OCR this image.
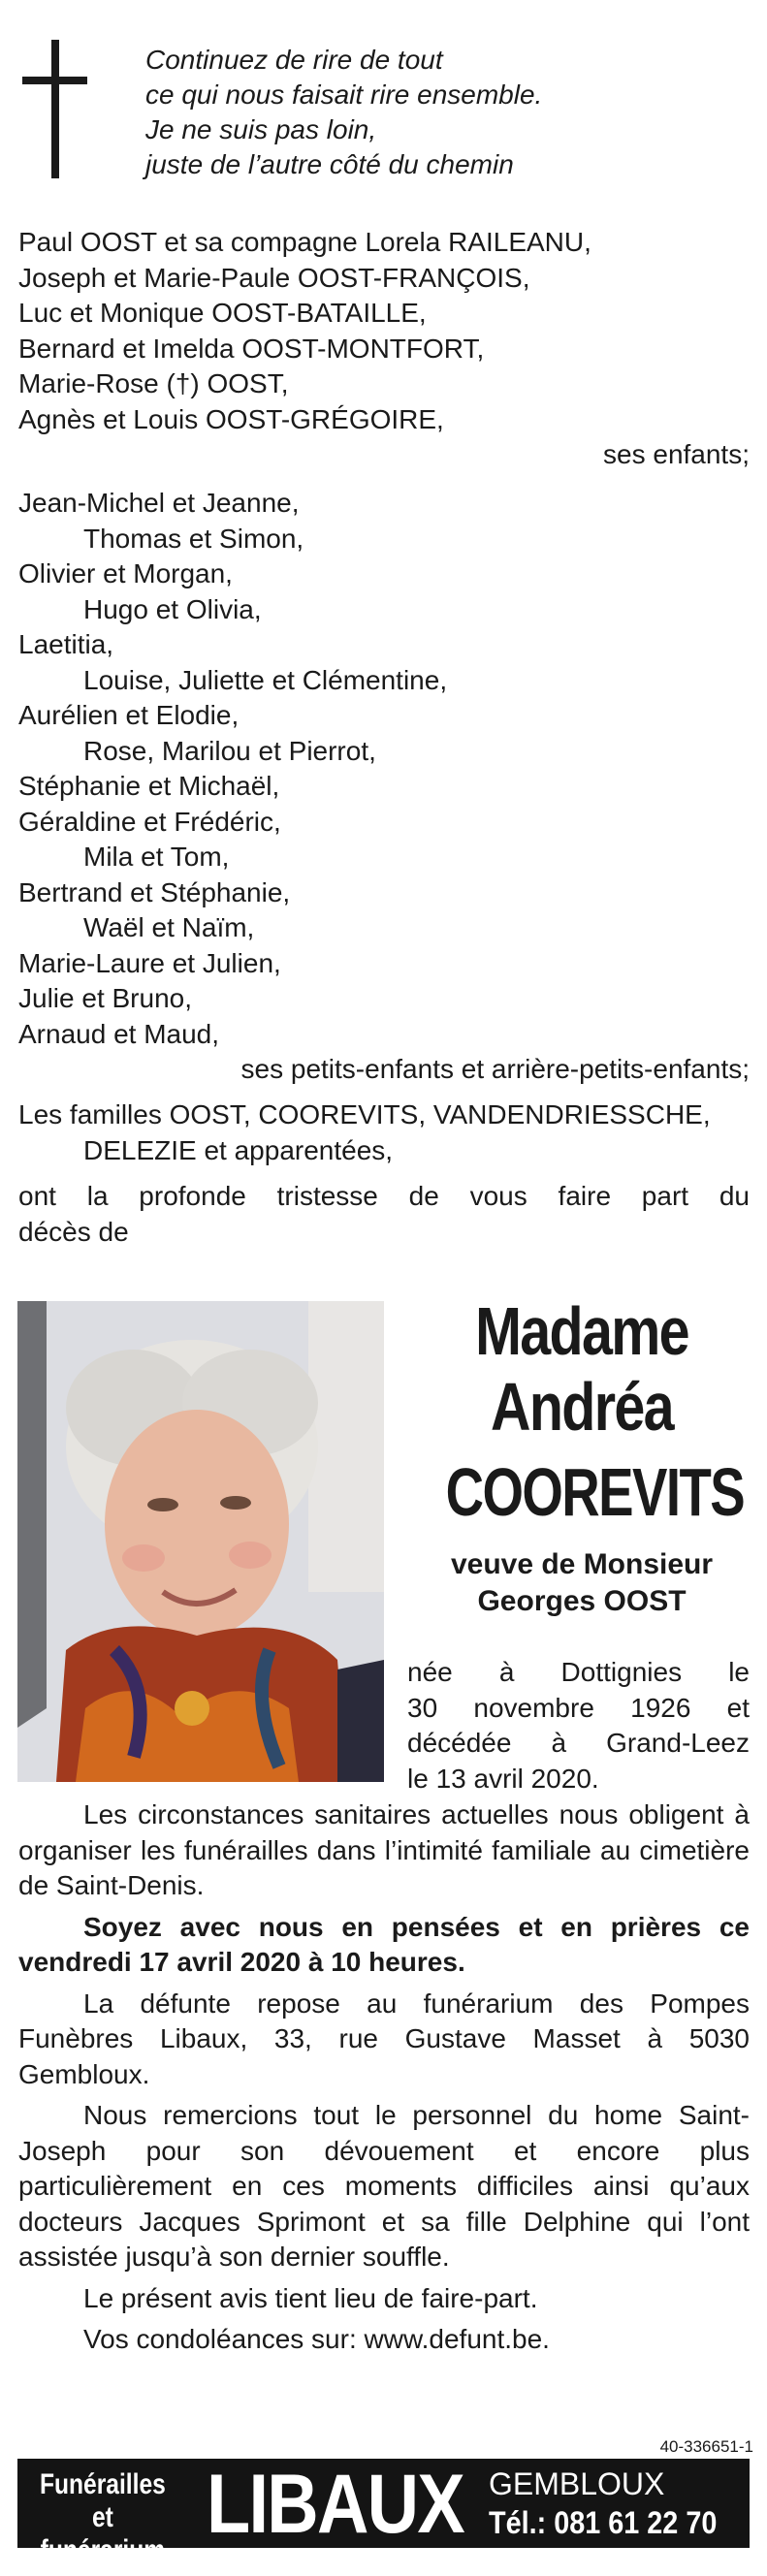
Continuez de rire de tout
ce qui nous faisait rire ensemble.
Je ne suis pas loin,
juste de l’autre côté du chemin
Paul OOST et sa compagne Lorela RAILEANU,
Joseph et Marie-Paule OOST-FRANÇOIS,
Luc et Monique OOST-BATAILLE,
Bernard et Imelda OOST-MONTFORT,
Marie-Rose (†) OOST,
Agnès et Louis OOST-GRÉGOIRE,
ses enfants;
Jean-Michel et Jeanne,
Thomas et Simon,
Olivier et Morgan,
Hugo et Olivia,
Laetitia,
Louise, Juliette et Clémentine,
Aurélien et Elodie,
Rose, Marilou et Pierrot,
Stéphanie et Michaël,
Géraldine et Frédéric,
Mila et Tom,
Bertrand et Stéphanie,
Waël et Naïm,
Marie-Laure et Julien,
Julie et Bruno,
Arnaud et Maud,
ses petits-enfants et arrière-petits-enfants;
Les familles OOST, COOREVITS, VANDENDRIESSCHE,
DELEZIE et apparentées,
ont la profonde tristesse de vous faire part du
décès de
Madame
Andréa
COOREVITS
veuve de Monsieur
Georges OOST
née à Dottignies le
30 novembre 1926 et
décédée à Grand-Leez
le 13 avril 2020.

Les circonstances sanitaires actuelles nous obligent à organiser les funérailles dans l’intimité familiale au cimetière de Saint-Denis.

Soyez avec nous en pensées et en prières ce vendredi 17 avril 2020 à 10 heures.

La défunte repose au funérarium des Pompes Funèbres Libaux, 33, rue Gustave Masset à 5030 Gembloux.

Nous remercions tout le personnel du home Saint-Joseph pour son dévouement et encore plus particulièrement en ces moments difficiles ainsi qu’aux docteurs Jacques Sprimont et sa fille Delphine qui l’ont assistée jusqu’à son dernier souffle.

Le présent avis tient lieu de faire-part.

Vos condoléances sur: www.defunt.be.

40-336651-1
Funérailles
et funérarium LIBAUX GEMBLOUX
Tél.: 081 61 22 70
